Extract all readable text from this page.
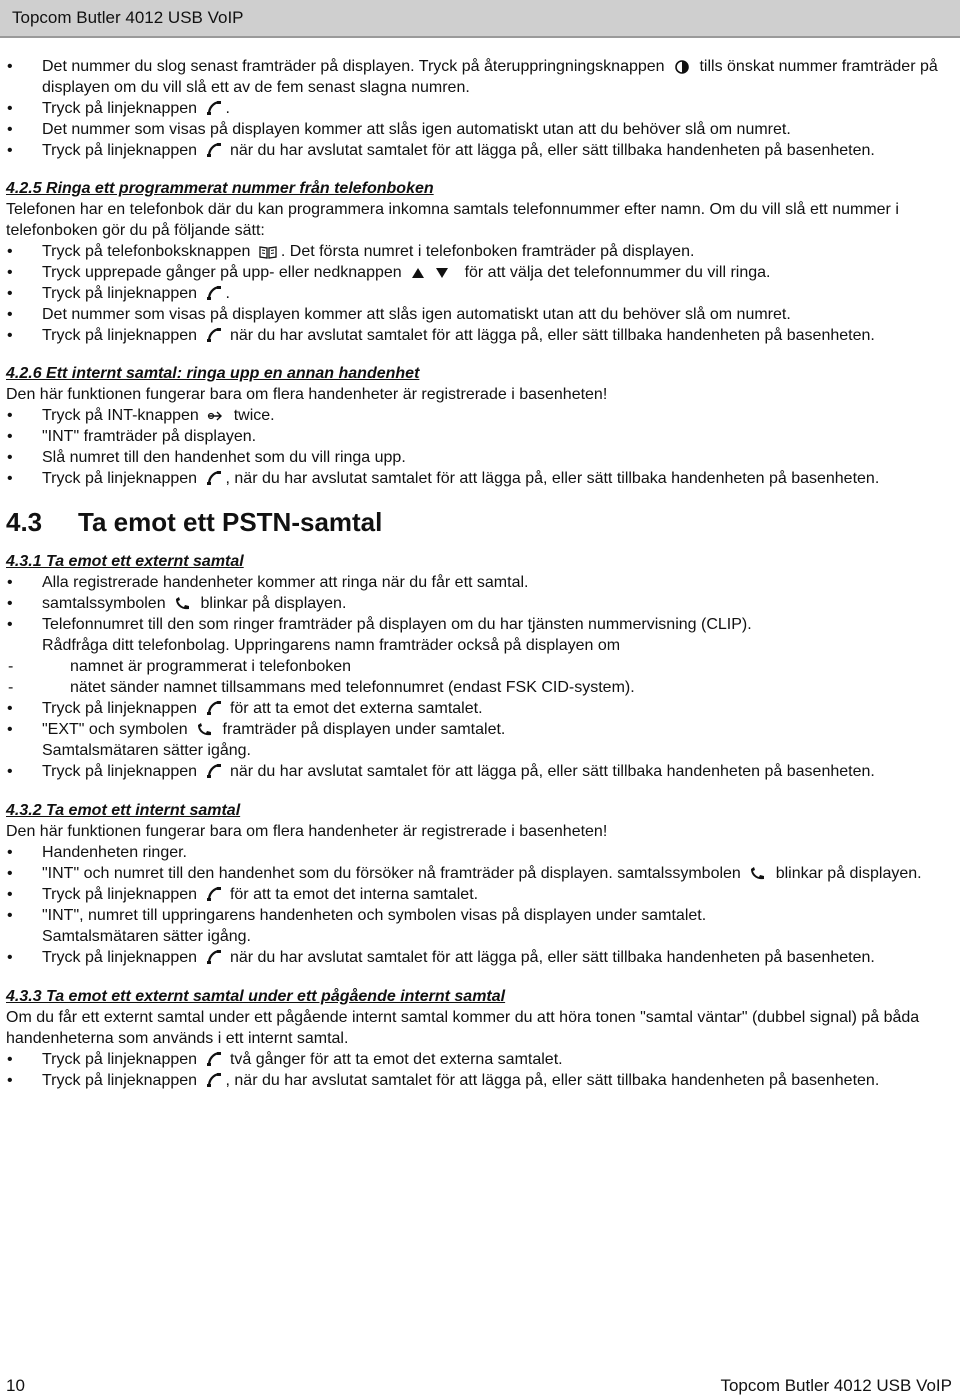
Topcom Butler 4012 USB VoIP
• Det nummer du slog senast framträder på displayen. Tryck på återuppringningsknappen tills önskat nummer framträder på displayen om du vill slå ett av de fem senast slagna numren.
• Tryck på linjeknappen .
• Det nummer som visas på displayen kommer att slås igen automatiskt utan att du behöver slå om numret.
• Tryck på linjeknappen när du har avslutat samtalet för att lägga på, eller sätt tillbaka handenheten på basenheten.
4.2.5 Ringa ett programmerat nummer från telefonboken
Telefonen har en telefonbok där du kan programmera inkomna samtals telefonnummer efter namn. Om du vill slå ett nummer i telefonboken gör du på följande sätt:
• Tryck på telefonboksknappen . Det första numret i telefonboken framträder på displayen.
• Tryck upprepade gånger på upp- eller nedknappen	för att välja det telefonnummer du vill ringa.
• Tryck på linjeknappen .
• Det nummer som visas på displayen kommer att slås igen automatiskt utan att du behöver slå om numret.
• Tryck på linjeknappen när du har avslutat samtalet för att lägga på, eller sätt tillbaka handenheten på basenheten.
4.2.6 Ett internt samtal: ringa upp en annan handenhet
Den här funktionen fungerar bara om flera handenheter är registrerade i basenheten!
• Tryck på INT-knappen twice.
• "INT" framträder på displayen.
• Slå numret till den handenhet som du vill ringa upp.
• Tryck på linjeknappen , när du har avslutat samtalet för att lägga på, eller sätt tillbaka handenheten på basenheten.
4.3	Ta emot ett PSTN-samtal
4.3.1 Ta emot ett externt samtal
• Alla registrerade handenheter kommer att ringa när du får ett samtal.
• samtalssymbolen blinkar på displayen.
• Telefonnumret till den som ringer framträder på displayen om du har tjänsten nummervisning (CLIP).
Rådfråga ditt telefonbolag. Uppringarens namn framträder också på displayen om
- namnet är programmerat i telefonboken
- nätet sänder namnet tillsammans med telefonnumret (endast FSK CID-system).
• Tryck på linjeknappen för att ta emot det externa samtalet.
• "EXT" och symbolen framträder på displayen under samtalet.
Samtalsmätaren sätter igång.
• Tryck på linjeknappen när du har avslutat samtalet för att lägga på, eller sätt tillbaka handenheten på basenheten.
4.3.2 Ta emot ett internt samtal
Den här funktionen fungerar bara om flera handenheter är registrerade i basenheten!
• Handenheten ringer.
• "INT" och numret till den handenhet som du försöker nå framträder på displayen. samtalssymbolen blinkar på displayen.
• Tryck på linjeknappen för att ta emot det interna samtalet.
• "INT", numret till uppringarens handenheten och symbolen visas på displayen under samtalet. Samtalsmätaren sätter igång.
• Tryck på linjeknappen när du har avslutat samtalet för att lägga på, eller sätt tillbaka handenheten på basenheten.
4.3.3 Ta emot ett externt samtal under ett pågående internt samtal
Om du får ett externt samtal under ett pågående internt samtal kommer du att höra tonen "samtal väntar" (dubbel signal) på båda handenheterna som används i ett internt samtal.
• Tryck på linjeknappen två gånger för att ta emot det externa samtalet.
• Tryck på linjeknappen , när du har avslutat samtalet för att lägga på, eller sätt tillbaka handenheten på basenheten.
10	Topcom Butler 4012 USB VoIP
